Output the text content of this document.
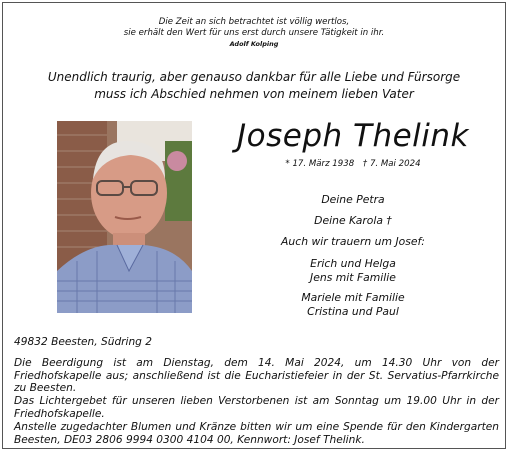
Die Zeit an sich betrachtet ist völlig wertlos,
sie erhält den Wert für uns erst durch unsere Tätigkeit in ihr.
Adolf Kolping
Unendlich traurig, aber genauso dankbar für alle Liebe und Fürsorge
muss ich Abschied nehmen von meinem lieben Vater
Joseph Thelink
* 17. März 1938 † 7. Mai 2024
Deine Petra
Deine Karola †
Auch wir trauern um Josef:
Erich und Helga
Jens mit Familie
Mariele mit Familie
Cristina und Paul
49832 Beesten, Südring 2

Die Beerdigung ist am Dienstag, dem 14. Mai 2024, um 14.30 Uhr von der Friedhofskapelle aus; anschließend ist die Eucharistiefeier in der St. Servatius-Pfarrkirche zu Beesten.

Das Lichtergebet für unseren lieben Verstorbenen ist am Sonntag um 19.00 Uhr in der Friedhofskapelle.

Anstelle zugedachter Blumen und Kränze bitten wir um eine Spende für den Kindergarten Beesten, DE03 2806 9994 0300 4104 00, Kennwort: Josef Thelink.
